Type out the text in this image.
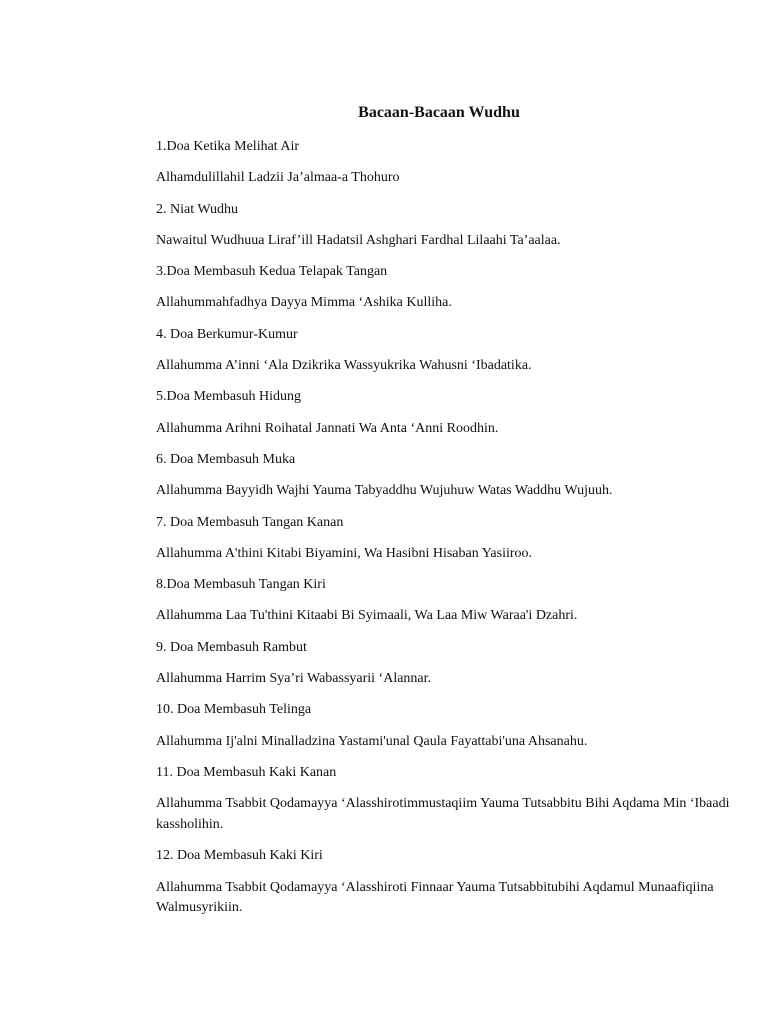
Bacaan-Bacaan Wudhu
1.Doa Ketika Melihat Air
Alhamdulillahil Ladzii Ja’almaa-a Thohuro
2. Niat Wudhu
Nawaitul Wudhuua Liraf’ill Hadatsil Ashghari Fardhal Lilaahi Ta’aalaa.
3.Doa Membasuh Kedua Telapak Tangan
Allahummahfadhya Dayya Mimma ‘Ashika Kulliha.
4. Doa Berkumur-Kumur
Allahumma A’inni ‘Ala Dzikrika Wassyukrika Wahusni ‘Ibadatika.
5.Doa Membasuh Hidung
Allahumma Arihni Roihatal Jannati Wa Anta ‘Anni Roodhin.
6. Doa Membasuh Muka
Allahumma Bayyidh Wajhi Yauma Tabyaddhu Wujuhuw Watas Waddhu Wujuuh.
7. Doa Membasuh Tangan Kanan
Allahumma A'thini Kitabi Biyamini, Wa Hasibni Hisaban Yasiiroo.
8.Doa Membasuh Tangan Kiri
Allahumma Laa Tu'thini Kitaabi Bi Syimaali, Wa Laa Miw Waraa'i Dzahri.
9. Doa Membasuh Rambut
Allahumma Harrim Sya’ri Wabassyarii ‘Alannar.
10. Doa Membasuh Telinga
Allahumma Ij'alni Minalladzina Yastami'unal Qaula Fayattabi'una Ahsanahu.
11. Doa Membasuh Kaki Kanan
Allahumma Tsabbit Qodamayya ‘Alasshirotimmustaqiim Yauma Tutsabbitu Bihi Aqdama Min ‘Ibaadi kassholihin.
12. Doa Membasuh Kaki Kiri
Allahumma Tsabbit Qodamayya ‘Alasshiroti Finnaar Yauma Tutsabbitubihi Aqdamul Munaafiqiina Walmusyrikiin.
